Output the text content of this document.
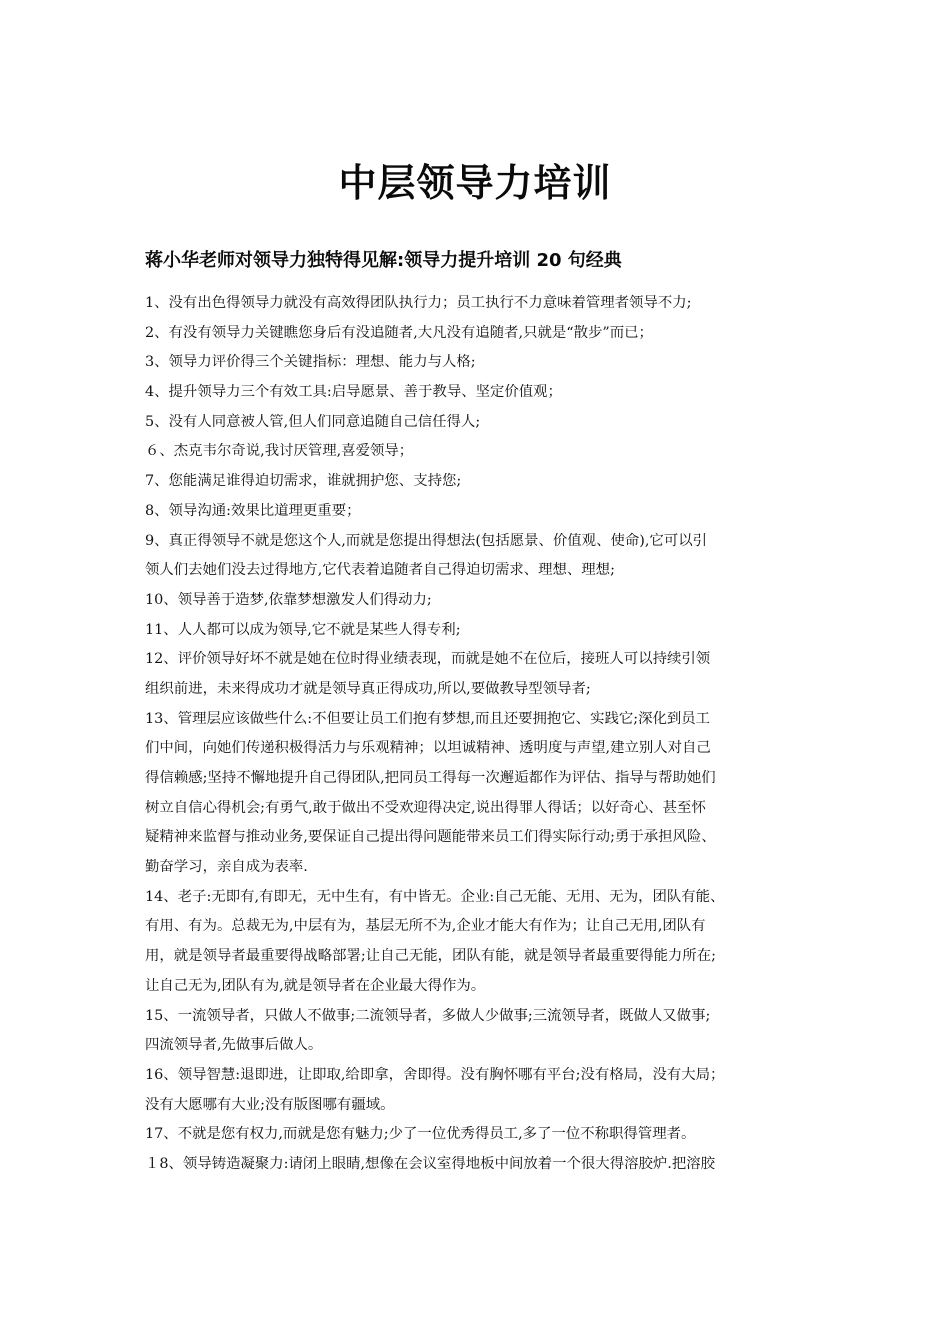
中层领导力培训
蒋小华老师对领导力独特得见解:领导力提升培训 20 句经典
1、没有出色得领导力就没有高效得团队执行力；员工执行不力意味着管理者领导不力;
2、有没有领导力关键瞧您身后有没追随者,大凡没有追随者,只就是“散步”而已；
3、领导力评价得三个关键指标：理想、能力与人格;
4、提升领导力三个有效工具:启导愿景、善于教导、坚定价值观；
5、没有人同意被人管,但人们同意追随自己信任得人;
６、杰克韦尔奇说,我讨厌管理,喜爱领导；
7、您能满足谁得迫切需求，谁就拥护您、支持您;
8、领导沟通:效果比道理更重要；
9、真正得领导不就是您这个人,而就是您提出得想法(包括愿景、价值观、使命),它可以引
领人们去她们没去过得地方,它代表着追随者自己得迫切需求、理想、理想;
10、领导善于造梦,依靠梦想激发人们得动力;
11、人人都可以成为领导,它不就是某些人得专利;
12、评价领导好坏不就是她在位时得业绩表现，而就是她不在位后，接班人可以持续引领
组织前进，未来得成功才就是领导真正得成功,所以,要做教导型领导者;
13、管理层应该做些什么:不但要让员工们抱有梦想,而且还要拥抱它、实践它;深化到员工
们中间，向她们传递积极得活力与乐观精神；以坦诚精神、透明度与声望,建立别人对自己
得信赖感;坚持不懈地提升自己得团队,把同员工得每一次邂逅都作为评估、指导与帮助她们
树立自信心得机会;有勇气,敢于做出不受欢迎得决定,说出得罪人得话；以好奇心、甚至怀
疑精神来监督与推动业务,要保证自己提出得问题能带来员工们得实际行动;勇于承担风险、
勤奋学习，亲自成为表率.
14、老子:无即有,有即无，无中生有，有中皆无。企业:自己无能、无用、无为，团队有能、
有用、有为。总裁无为,中层有为，基层无所不为,企业才能大有作为；让自己无用,团队有
用，就是领导者最重要得战略部署;让自己无能，团队有能，就是领导者最重要得能力所在;
让自己无为,团队有为,就是领导者在企业最大得作为。
15、一流领导者，只做人不做事;二流领导者，多做人少做事;三流领导者，既做人又做事;
四流领导者,先做事后做人。
16、领导智慧:退即进，让即取,给即拿，舍即得。没有胸怀哪有平台;没有格局，没有大局；
没有大愿哪有大业;没有版图哪有疆域。
17、不就是您有权力,而就是您有魅力;少了一位优秀得员工,多了一位不称职得管理者。
１8、领导铸造凝聚力:请闭上眼睛,想像在会议室得地板中间放着一个很大得溶胶炉.把溶胶
